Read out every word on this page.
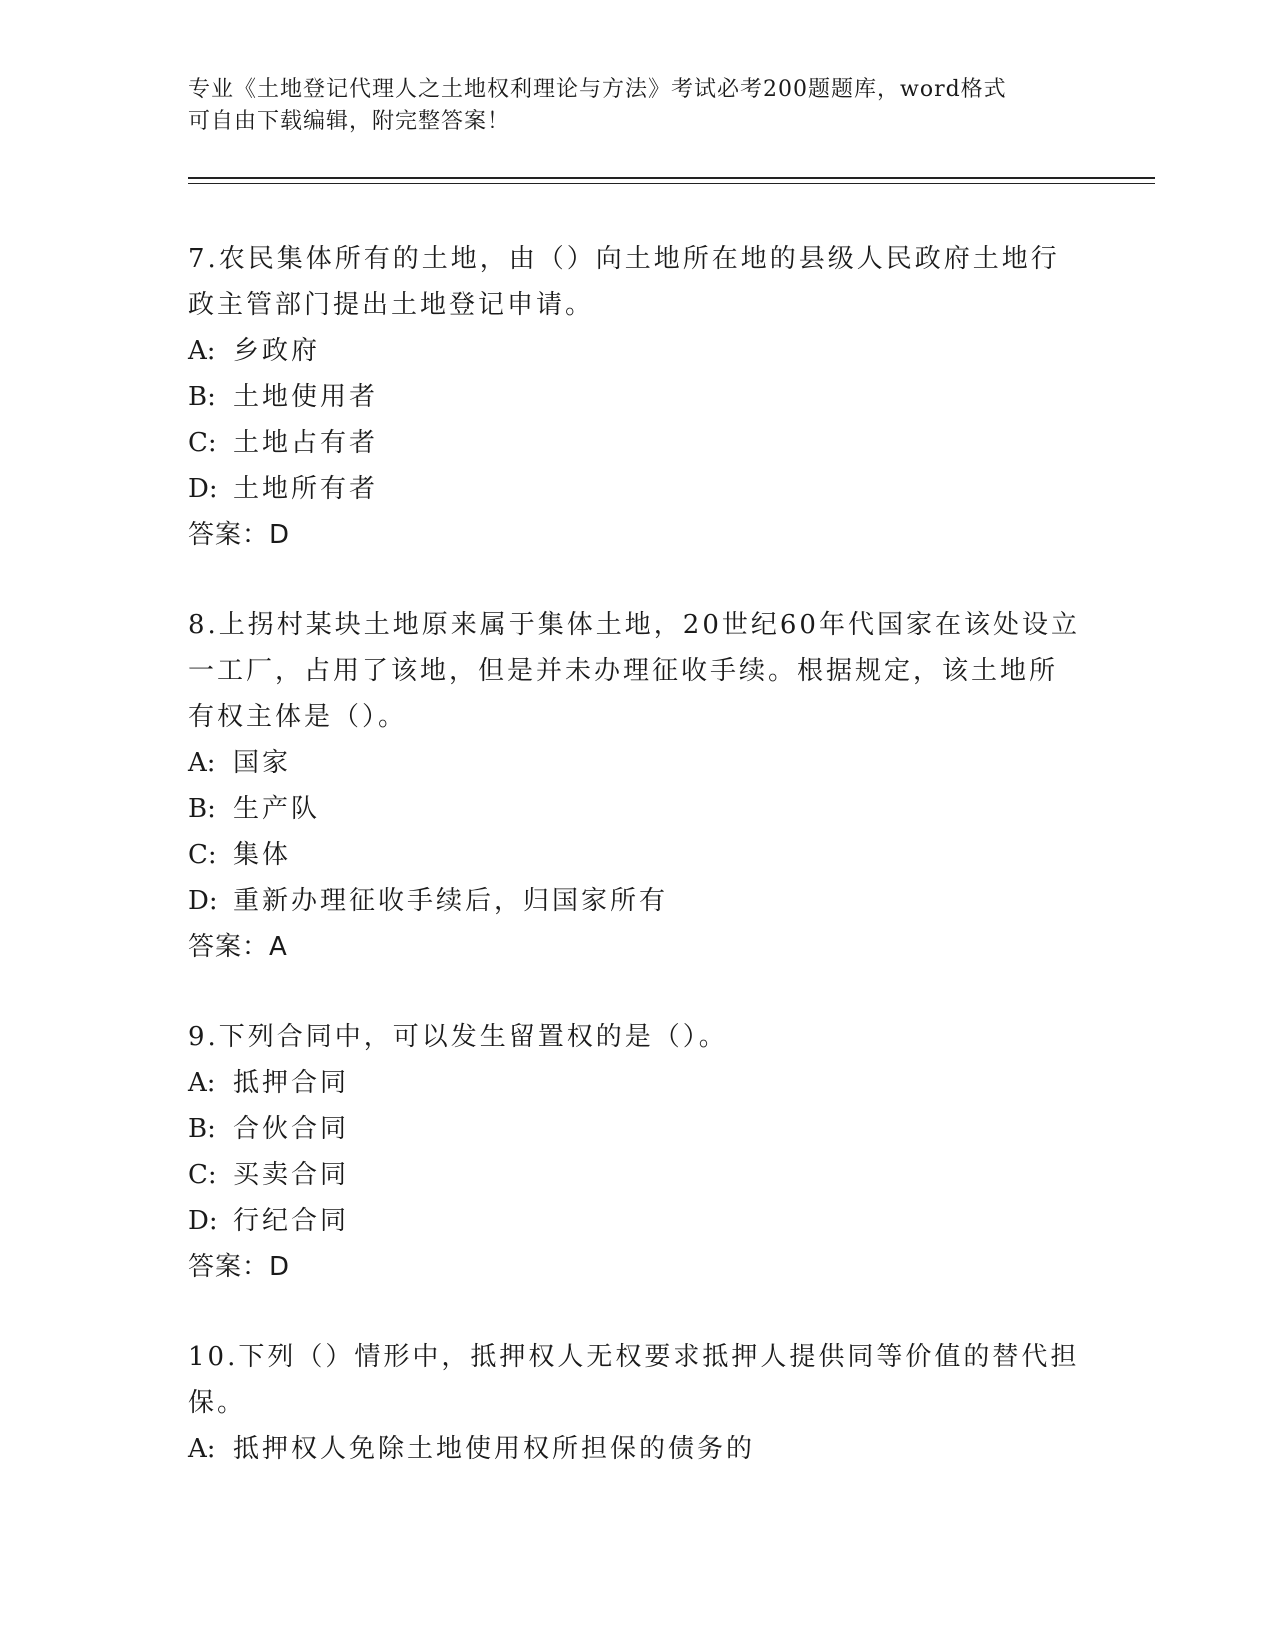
专业《土地登记代理人之土地权利理论与方法》考试必考200题题库，word格式
可自由下载编辑，附完整答案！
7.农民集体所有的土地，由（）向土地所在地的县级人民政府土地行
政主管部门提出土地登记申请。
A: 乡政府
B: 土地使用者
C: 土地占有者
D: 土地所有者
答案：D
8.上拐村某块土地原来属于集体土地，20世纪60年代国家在该处设立
一工厂，占用了该地，但是并未办理征收手续。根据规定，该土地所
有权主体是（）。
A: 国家
B: 生产队
C: 集体
D: 重新办理征收手续后，归国家所有
答案：A
9.下列合同中，可以发生留置权的是（）。
A: 抵押合同
B: 合伙合同
C: 买卖合同
D: 行纪合同
答案：D
10.下列（）情形中，抵押权人无权要求抵押人提供同等价值的替代担
保。
A: 抵押权人免除土地使用权所担保的债务的
